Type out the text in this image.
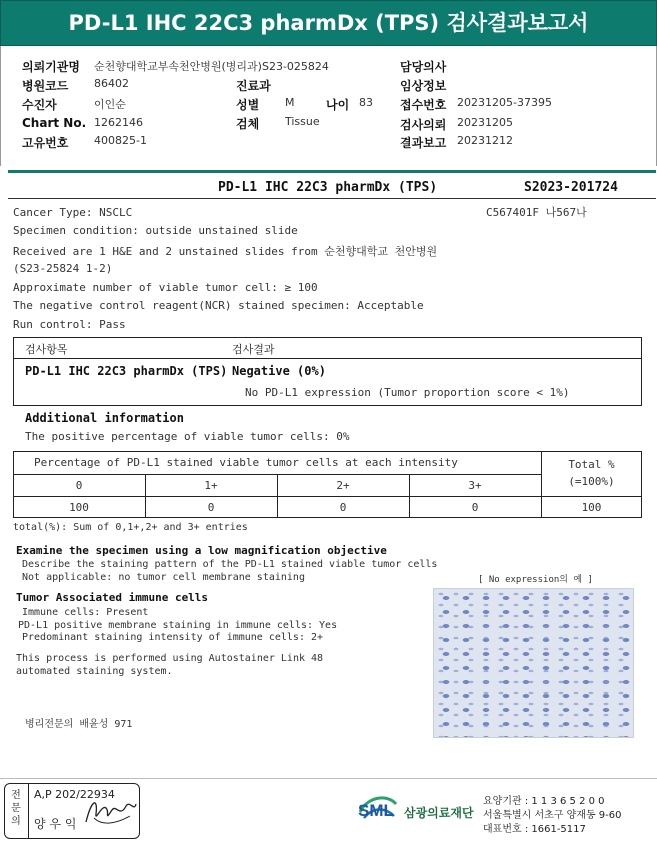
PD-L1 IHC 22C3 pharmDx (TPS) 검사결과보고서
의뢰기관명 순천향대학교부속천안병원(병리과)S23-025824
병원코드 86402
수진자	이인순
Chart No. 1262146
고유번호 400825-1
진료과
성별 M	나이 83
검체 Tissue
담당의사
임상정보
접수번호 20231205-37395
검사의뢰 20231205
결과보고 20231212
PD-L1 IHC 22C3 pharmDx (TPS)	S2023-201724
Cancer Type: NSCLC	C567401F 나567나
Specimen condition: outside unstained slide
Received are 1 H&E and 2 unstained slides from 순천향대학교 천안병원
(S23-25824 1-2)
Approximate number of viable tumor cell: ≥ 100
The negative control reagent(NCR) stained specimen: Acceptable
Run control: Pass
검사항목	검사결과
PD-L1 IHC 22C3 pharmDx (TPS) Negative (0%)
No PD-L1 expression (Tumor proportion score < 1%)
Additional information
The positive percentage of viable tumor cells: 0%
Percentage of PD-L1 stained viable tumor cells at each intensity	Total %
(=100%)
0	1+	2+	3+
100	0	0	0	100
total(%): Sum of 0,1+,2+ and 3+ entries
Examine the specimen using a low magnification objective
Describe the staining pattern of the PD-L1 stained viable tumor cells
Not applicable: no tumor cell membrane staining	[ No expression의 예 ]
Tumor Associated immune cells
Immune cells: Present
PD-L1 positive membrane staining in immune cells: Yes
Predominant staining intensity of immune cells: 2+
This process is performed using Autostainer Link 48
automated staining system.
병리전문의 배윤성 971
전문의
A,P 202/22934
양 우 익
SML 삼광의료재단
요양기관 : 1 1 3 6 5 2 0 0
서울특별시 서초구 양재동 9-60
대표번호 : 1661-5117
